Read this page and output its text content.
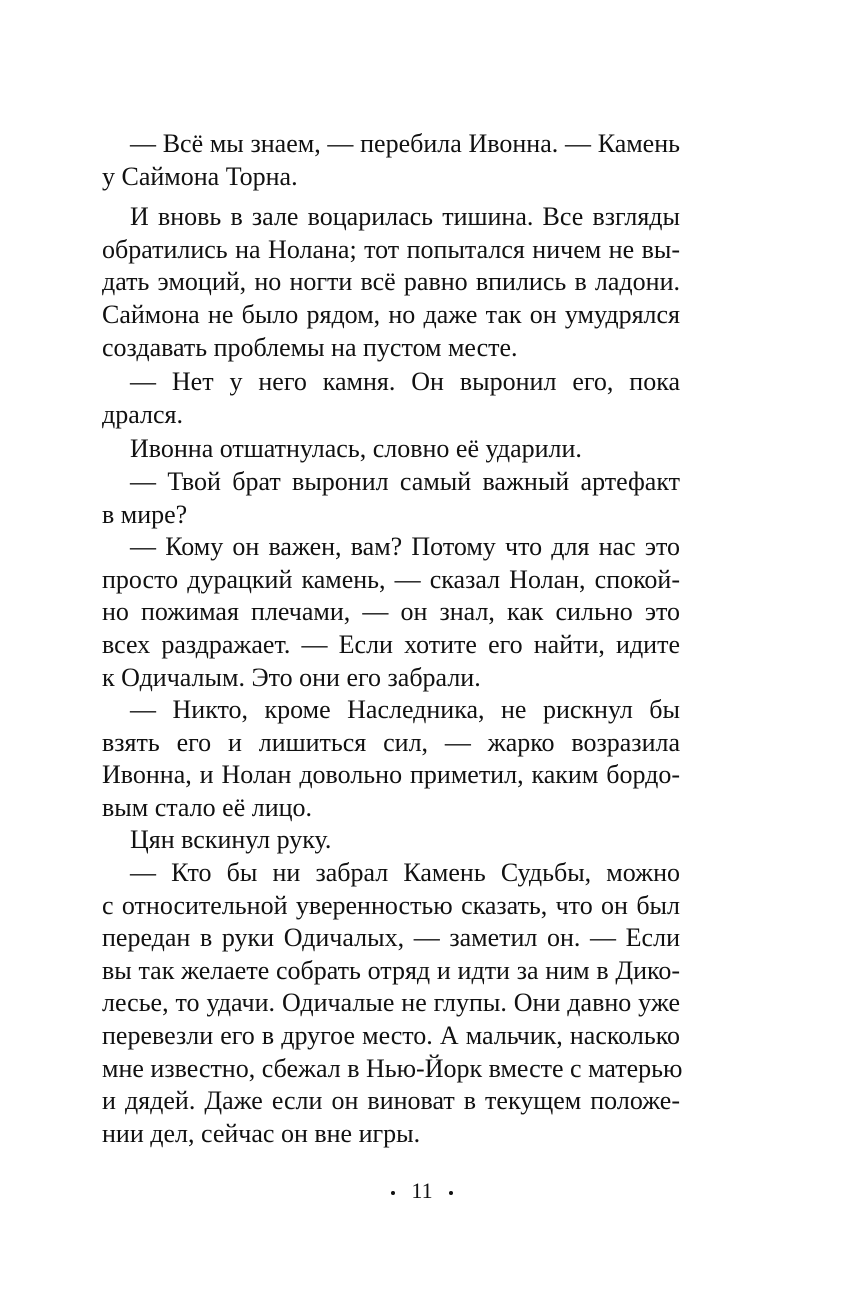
— Всё мы знаем, — перебила Ивонна. — Камень
у Саймона Торна.
И вновь в зале воцарилась тишина. Все взгляды
обратились на Нолана; тот попытался ничем не вы-
дать эмоций, но ногти всё равно впились в ладони.
Саймона не было рядом, но даже так он умудрялся
создавать проблемы на пустом месте.
— Нет у него камня. Он выронил его, пока
дрался.
Ивонна отшатнулась, словно её ударили.
— Твой брат выронил самый важный артефакт
в мире?
— Кому он важен, вам? Потому что для нас это
просто дурацкий камень, — сказал Нолан, спокой-
но пожимая плечами, — он знал, как сильно это
всех раздражает. — Если хотите его найти, идите
к Одичалым. Это они его забрали.
— Никто, кроме Наследника, не рискнул бы
взять его и лишиться сил, — жарко возразила
Ивонна, и Нолан довольно приметил, каким бордо-
вым стало её лицо.
Цян вскинул руку.
— Кто бы ни забрал Камень Судьбы, можно
с относительной уверенностью сказать, что он был
передан в руки Одичалых, — заметил он. — Если
вы так желаете собрать отряд и идти за ним в Дико-
лесье, то удачи. Одичалые не глупы. Они давно уже
перевезли его в другое место. А мальчик, насколько
мне известно, сбежал в Нью-Йорк вместе с матерью
и дядей. Даже если он виноват в текущем положе-
нии дел, сейчас он вне игры.
11
